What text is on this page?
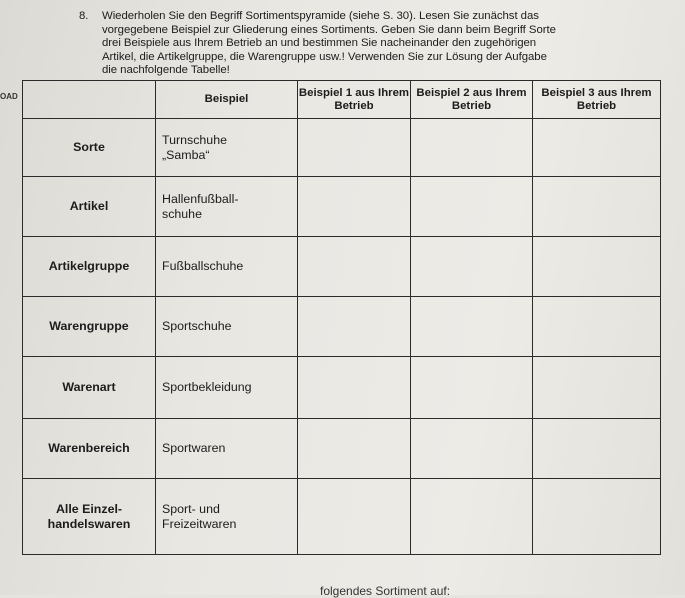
OAD
8. Wiederholen Sie den Begriff Sortimentspyramide (siehe S. 30). Lesen Sie zunächst das
vorgegebene Beispiel zur Gliederung eines Sortiments. Geben Sie dann beim Begriff Sorte
drei Beispiele aus Ihrem Betrieb an und bestimmen Sie nacheinander den zugehörigen
Artikel, die Artikelgruppe, die Warengruppe usw.! Verwenden Sie zur Lösung der Aufgabe
die nachfolgende Tabelle!
	Beispiel	Beispiel 1 aus Ihrem Betrieb	Beispiel 2 aus Ihrem Betrieb	Beispiel 3 aus Ihrem Betrieb
Sorte	Turnschuhe „Samba“			
Artikel	Hallenfußball-schuhe			
Artikelgruppe	Fußballschuhe			
Warengruppe	Sportschuhe			
Warenart	Sportbekleidung			
Warenbereich	Sportwaren			
Alle Einzel-handelswaren	Sport- und Freizeitwaren			
folgendes Sortiment auf:
